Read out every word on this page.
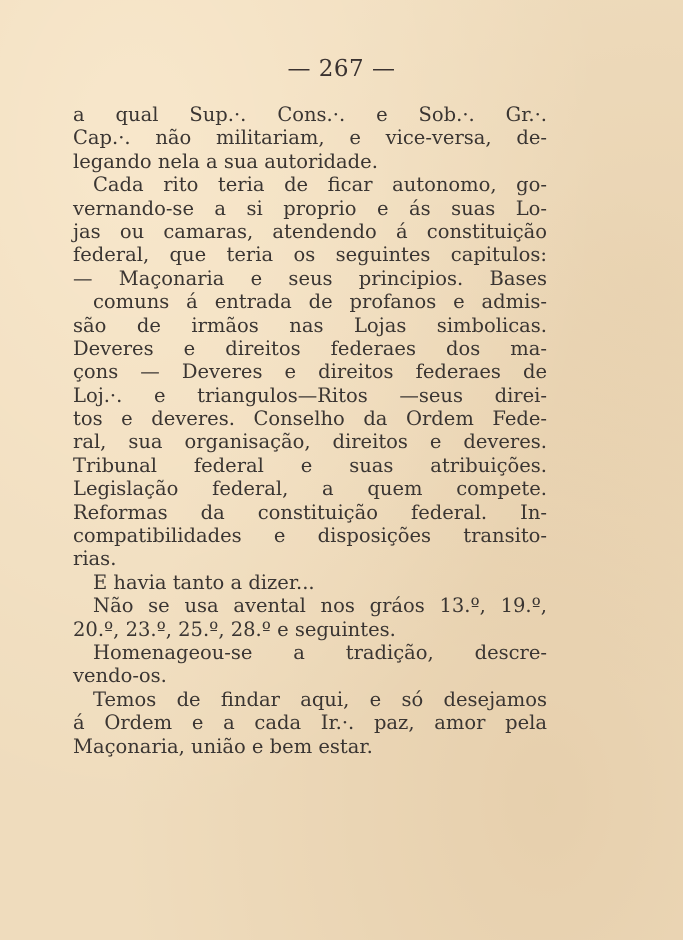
— 267 —
a qual Sup.·. Cons.·. e Sob.·. Gr.·.
Cap.·. não militariam, e vice-versa, de-
legando nela a sua autoridade.
Cada rito teria de ficar autonomo, go-
vernando-se a si proprio e ás suas Lo-
jas ou camaras, atendendo á constituição
federal, que teria os seguintes capitulos:
— Maçonaria e seus principios. Bases
comuns á entrada de profanos e admis-
são de irmãos nas Lojas simbolicas.
Deveres e direitos federaes dos ma-
çons — Deveres e direitos federaes de
Loj.·. e triangulos—Ritos —seus direi-
tos e deveres. Conselho da Ordem Fede-
ral, sua organisação, direitos e deveres.
Tribunal federal e suas atribuições.
Legislação federal, a quem compete.
Reformas da constituição federal. In-
compatibilidades e disposições transito-
rias.
E havia tanto a dizer...
Não se usa avental nos gráos 13.º, 19.º,
20.º, 23.º, 25.º, 28.º e seguintes.
Homenageou-se a tradição, descre-
vendo-os.
Temos de findar aqui, e só desejamos
á Ordem e a cada Ir.·. paz, amor pela
Maçonaria, união e bem estar.
